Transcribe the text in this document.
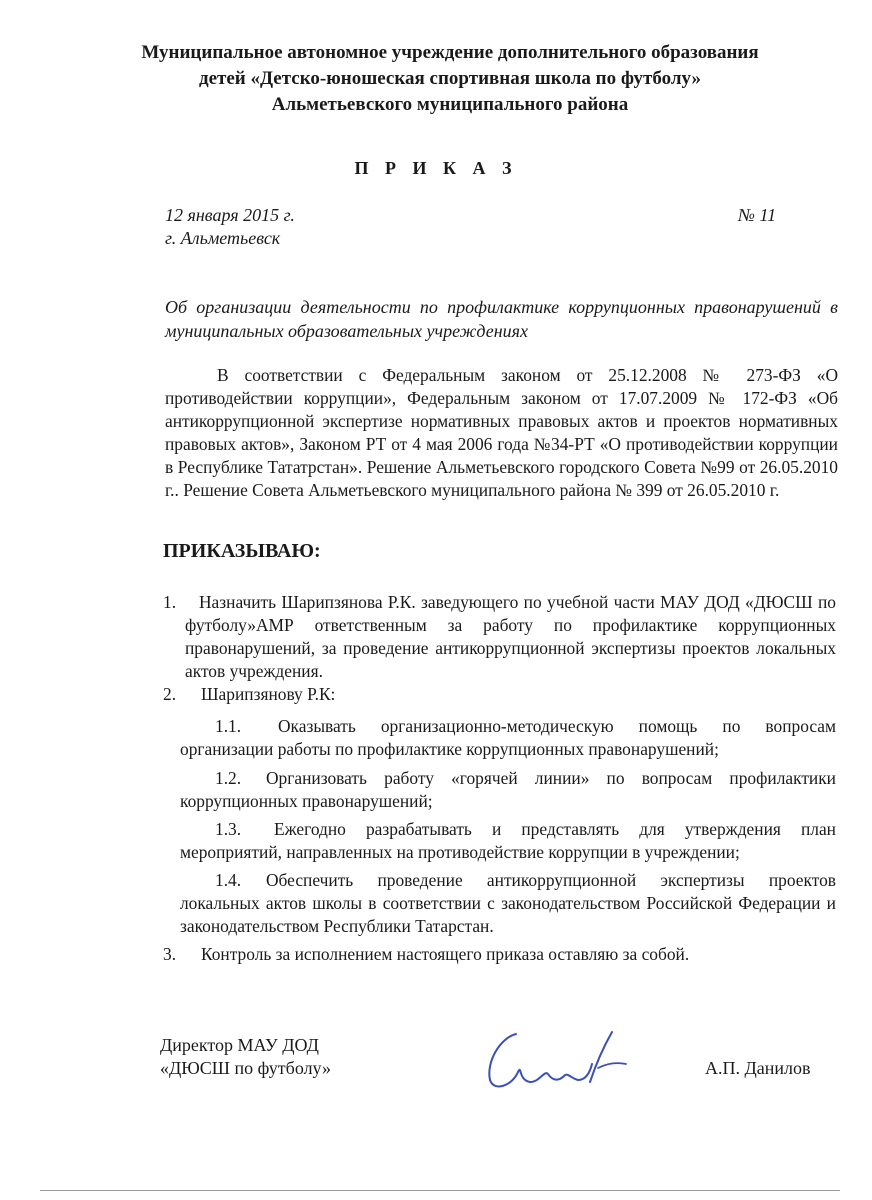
Муниципальное автономное учреждение дополнительного образования
детей «Детско-юношеская спортивная школа по футболу»
Альметьевского муниципального района
П Р И К А З
12 января 2015 г.	№ 11
г. Альметьевск
Об организации деятельности по профилактике коррупционных правонарушений в муниципальных образовательных учреждениях
В соответствии с Федеральным законом от 25.12.2008 № 273-ФЗ «О противодействии коррупции», Федеральным законом от 17.07.2009 № 172-ФЗ «Об антикоррупционной экспертизе нормативных правовых актов и проектов нормативных правовых актов», Законом РТ от 4 мая 2006 года №34-РТ «О противодействии коррупции в Республике Тататрстан». Решение Альметьевского городского Совета №99 от 26.05.2010 г.. Решение Совета Альметьевского муниципального района № 399 от 26.05.2010 г.
ПРИКАЗЫВАЮ:
1.	Назначить Шарипзянова Р.К. заведующего по учебной части МАУ ДОД «ДЮСШ по футболу»АМР ответственным за работу по профилактике коррупционных правонарушений, за проведение антикоррупционной экспертизы проектов локальных актов учреждения.
2. Шарипзянову Р.К:
1.1. Оказывать организационно-методическую помощь по вопросам организации работы по профилактике коррупционных правонарушений;
1.2. Организовать работу «горячей линии» по вопросам профилактики коррупционных правонарушений;
1.3. Ежегодно разрабатывать и представлять для утверждения план мероприятий, направленных на противодействие коррупции в учреждении;
1.4. Обеспечить проведение антикоррупционной экспертизы проектов локальных актов школы в соответствии с законодательством Российской Федерации и законодательством Республики Татарстан.
3. Контроль за исполнением настоящего приказа оставляю за собой.
Директор МАУ ДОД
«ДЮСШ по футболу»	А.П. Данилов
